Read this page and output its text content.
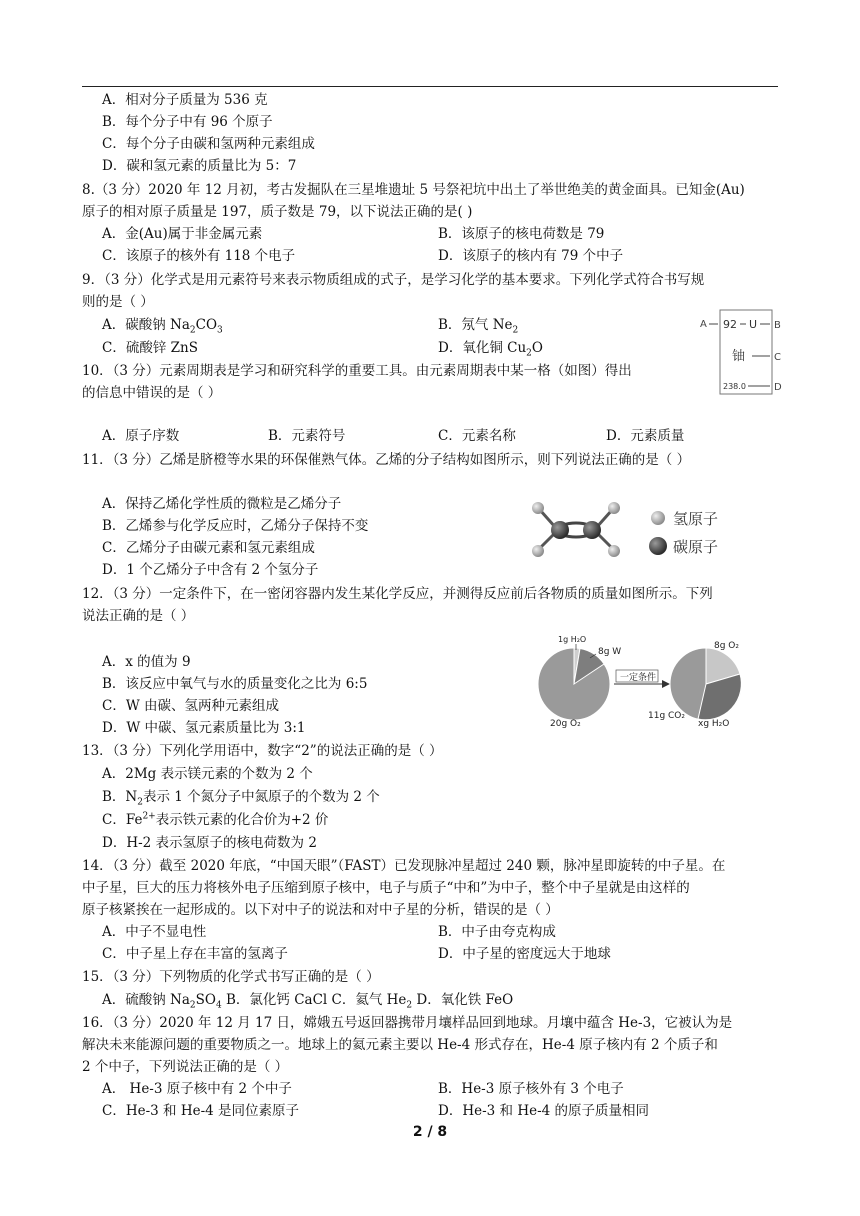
A．相对分子质量为 536 克
B．每个分子中有 96 个原子
C．每个分子由碳和氢两种元素组成
D．碳和氢元素的质量比为 5：7
8.（3 分）2020 年 12 月初，考古发掘队在三星堆遗址 5 号祭祀坑中出土了举世绝美的黄金面具。已知金(Au)
原子的相对原子质量是 197，质子数是 79，以下说法正确的是( )
A．金(Au)属于非金属元素	B．该原子的核电荷数是 79
C．该原子的核外有 118 个电子	D．该原子的核内有 79 个中子
9．（3 分）化学式是用元素符号来表示物质组成的式子，是学习化学的基本要求。下列化学式符合书写规
则的是（ ）
A．碳酸钠 $Na_2CO_3$	B．氖气 $Ne_2$
C．硫酸锌 ZnS	D．氧化铜 $Cu_2O$
10．（3 分）元素周期表是学习和研究科学的重要工具。由元素周期表中某一格（如图）得出
的信息中错误的是（ ）
A．原子序数	B．元素符号	C．元素名称	D．元素质量
A 92 U B
铀	C
238.0	D
11．（3 分）乙烯是脐橙等水果的环保催熟气体。乙烯的分子结构如图所示，则下列说法正确的是（ ）
A．保持乙烯化学性质的微粒是乙烯分子
B．乙烯参与化学反应时，乙烯分子保持不变
C．乙烯分子由碳元素和氢元素组成
D．1 个乙烯分子中含有 2 个氢分子
氢原子
碳原子
12．（3 分）一定条件下，在一密闭容器内发生某化学反应，并测得反应前后各物质的质量如图所示。下列
说法正确的是（ ）
A．x 的值为 9
B．该反应中氧气与水的质量变化之比为 6:5
C．W 由碳、氢两种元素组成
D．W 中碳、氢元素质量比为 3:1
1g H₂O
8g W
20g O₂
一定条件
8g O₂
11g CO₂
xg H₂O
13．（3 分）下列化学用语中，数字“2”的说法正确的是（ ）
A．2Mg 表示镁元素的个数为 2 个
B．$N_2$表示 1 个氮分子中氮原子的个数为 2 个
C．$Fe^{2+}$表示铁元素的化合价为+2 价
D．H-2 表示氢原子的核电荷数为 2
14．（3 分）截至 2020 年底，“中国天眼”（FAST）已发现脉冲星超过 240 颗，脉冲星即旋转的中子星。在
中子星，巨大的压力将核外电子压缩到原子核中，电子与质子“中和”为中子，整个中子星就是由这样的
原子核紧挨在一起形成的。以下对中子的说法和对中子星的分析，错误的是（ ）
A．中子不显电性	B．中子由夸克构成
C．中子星上存在丰富的氢离子	D．中子星的密度远大于地球
15．（3 分）下列物质的化学式书写正确的是（ ）
A．硫酸钠 $Na_2SO_4$ B．氯化钙 CaCl C．氦气 $He_2$ D．氧化铁 FeO
16．（3 分）2020 年 12 月 17 日，嫦娥五号返回器携带月壤样品回到地球。月壤中蕴含 He-3，它被认为是
解决未来能源问题的重要物质之一。地球上的氦元素主要以 He-4 形式存在，He-4 原子核内有 2 个质子和
2 个中子，下列说法正确的是（ ）
A． He-3 原子核中有 2 个中子	B．He-3 原子核外有 3 个电子
C．He-3 和 He-4 是同位素原子	D．He-3 和 He-4 的原子质量相同
2 / 8
